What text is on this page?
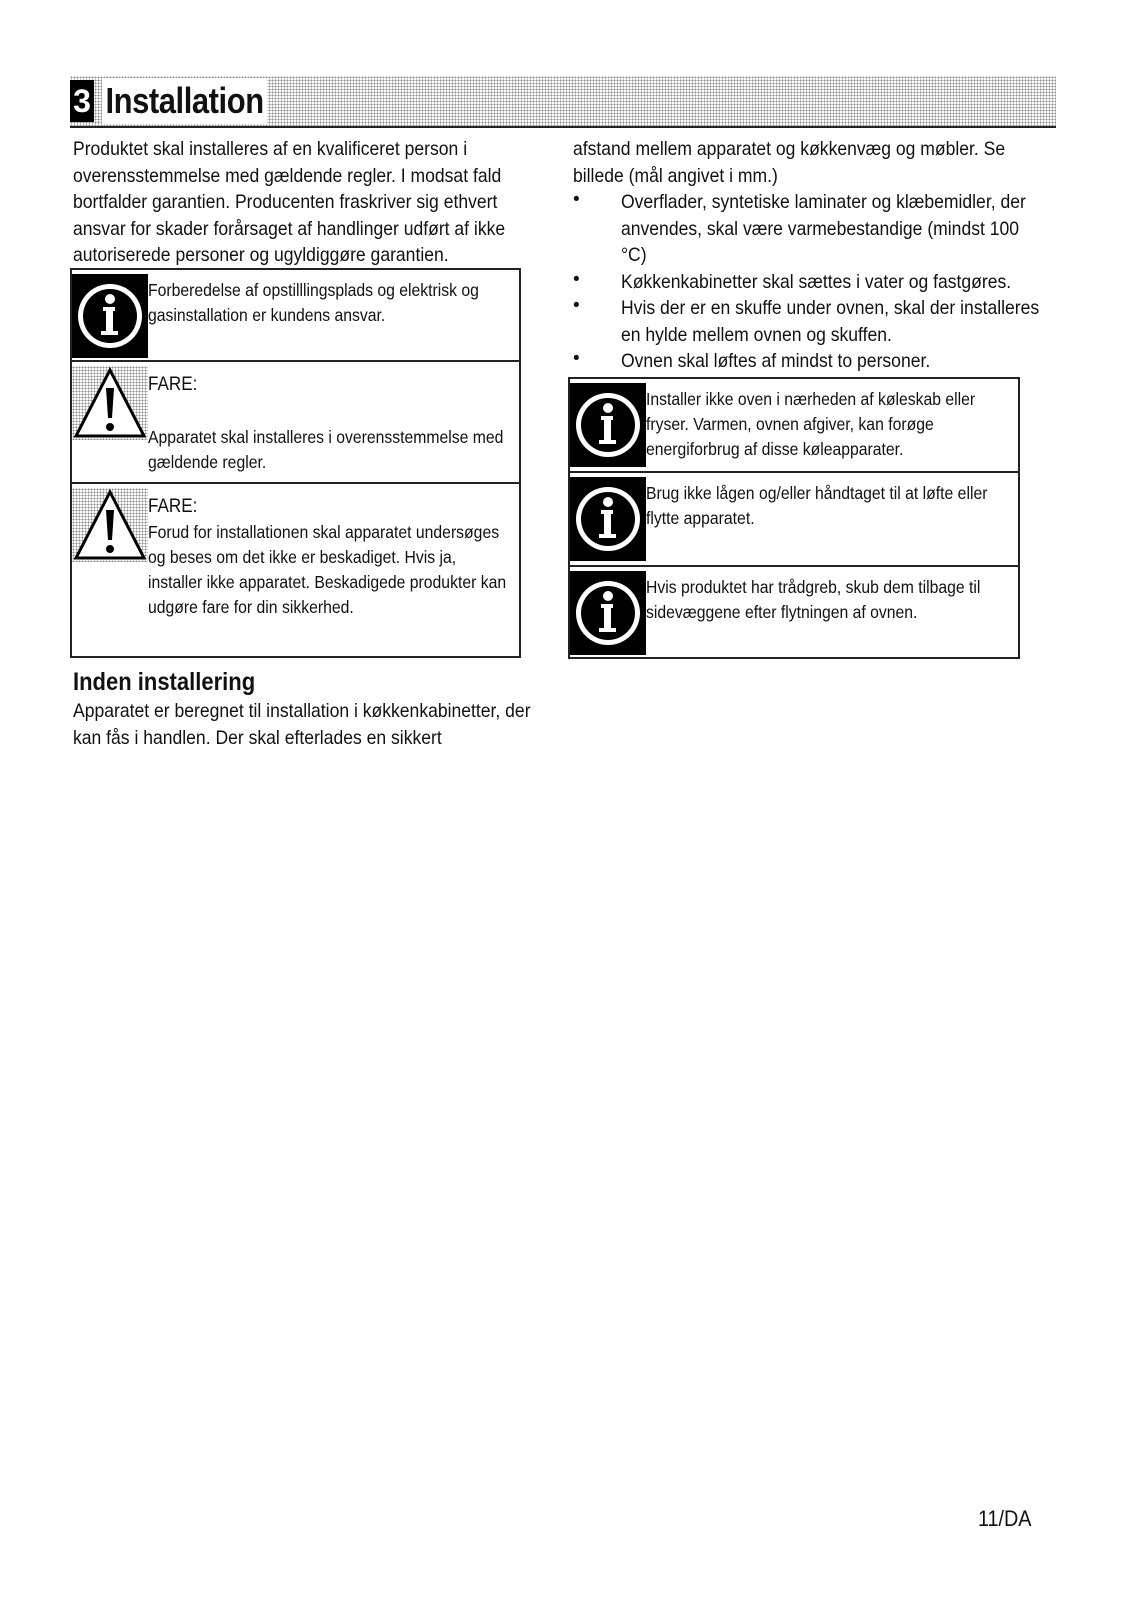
3 Installation

Produktet skal installeres af en kvalificeret person i overensstemmelse med gældende regler. I modsat fald bortfalder garantien. Producenten fraskriver sig ethvert ansvar for skader forårsaget af handlinger udført af ikke autoriserede personer og ugyldiggøre garantien.

Forberedelse af opstilllingsplads og elektrisk og gasinstallation er kundens ansvar.

FARE:

Apparatet skal installeres i overensstemmelse med gældende regler.

FARE:

Forud for installationen skal apparatet undersøges og beses om det ikke er beskadiget. Hvis ja, installer ikke apparatet. Beskadigede produkter kan udgøre fare for din sikkerhed.

Inden installering

Apparatet er beregnet til installation i køkkenkabinetter, der kan fås i handlen. Der skal efterlades en sikkert

afstand mellem apparatet og køkkenvæg og møbler. Se billede (mål angivet i mm.)

• Overflader, syntetiske laminater og klæbemidler, der anvendes, skal være varmebestandige (mindst 100 °C)

• Køkkenkabinetter skal sættes i vater og fastgøres.

• Hvis der er en skuffe under ovnen, skal der installeres en hylde mellem ovnen og skuffen.

• Ovnen skal løftes af mindst to personer.

Installer ikke oven i nærheden af køleskab eller fryser. Varmen, ovnen afgiver, kan forøge energiforbrug af disse køleapparater.

Brug ikke lågen og/eller håndtaget til at løfte eller flytte apparatet.

Hvis produktet har trådgreb, skub dem tilbage til sidevæggene efter flytningen af ovnen.

11/DA
